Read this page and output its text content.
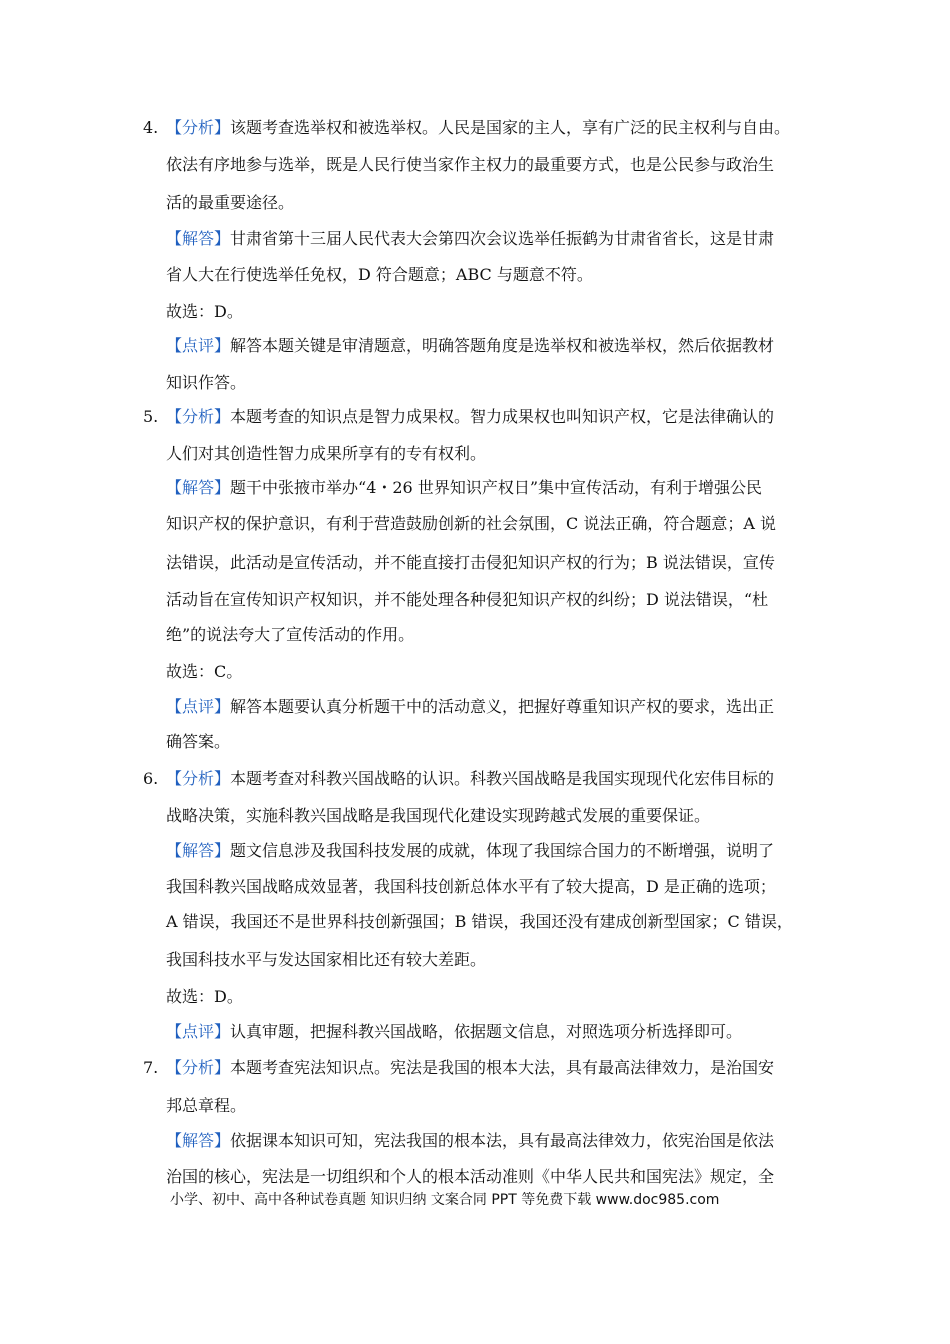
4. 【分析】该题考查选举权和被选举权。人民是国家的主人，享有广泛的民主权利与自由。
依法有序地参与选举，既是人民行使当家作主权力的最重要方式，也是公民参与政治生
活的最重要途径。
【解答】甘肃省第十三届人民代表大会第四次会议选举任振鹤为甘肃省省长，这是甘肃
省人大在行使选举任免权，D 符合题意；ABC 与题意不符。
故选：D。
【点评】解答本题关键是审清题意，明确答题角度是选举权和被选举权，然后依据教材
知识作答。
5. 【分析】本题考查的知识点是智力成果权。智力成果权也叫知识产权，它是法律确认的
人们对其创造性智力成果所享有的专有权利。
【解答】题干中张掖市举办“4・26 世界知识产权日”集中宣传活动，有利于增强公民
知识产权的保护意识，有利于营造鼓励创新的社会氛围，C 说法正确，符合题意；A 说
法错误，此活动是宣传活动，并不能直接打击侵犯知识产权的行为；B 说法错误，宣传
活动旨在宣传知识产权知识，并不能处理各种侵犯知识产权的纠纷；D 说法错误，“杜
绝”的说法夸大了宣传活动的作用。
故选：C。
【点评】解答本题要认真分析题干中的活动意义，把握好尊重知识产权的要求，选出正
确答案。
6. 【分析】本题考查对科教兴国战略的认识。科教兴国战略是我国实现现代化宏伟目标的
战略决策，实施科教兴国战略是我国现代化建设实现跨越式发展的重要保证。
【解答】题文信息涉及我国科技发展的成就，体现了我国综合国力的不断增强，说明了
我国科教兴国战略成效显著，我国科技创新总体水平有了较大提高，D 是正确的选项；
A 错误，我国还不是世界科技创新强国；B 错误，我国还没有建成创新型国家；C 错误，
我国科技水平与发达国家相比还有较大差距。
故选：D。
【点评】认真审题，把握科教兴国战略，依据题文信息，对照选项分析选择即可。
7. 【分析】本题考查宪法知识点。宪法是我国的根本大法，具有最高法律效力，是治国安
邦总章程。
【解答】依据课本知识可知，宪法我国的根本法，具有最高法律效力，依宪治国是依法
治国的核心，宪法是一切组织和个人的根本活动准则《中华人民共和国宪法》规定，全
小学、初中、高中各种试卷真题 知识归纳 文案合同 PPT 等免费下载 www.doc985.com
